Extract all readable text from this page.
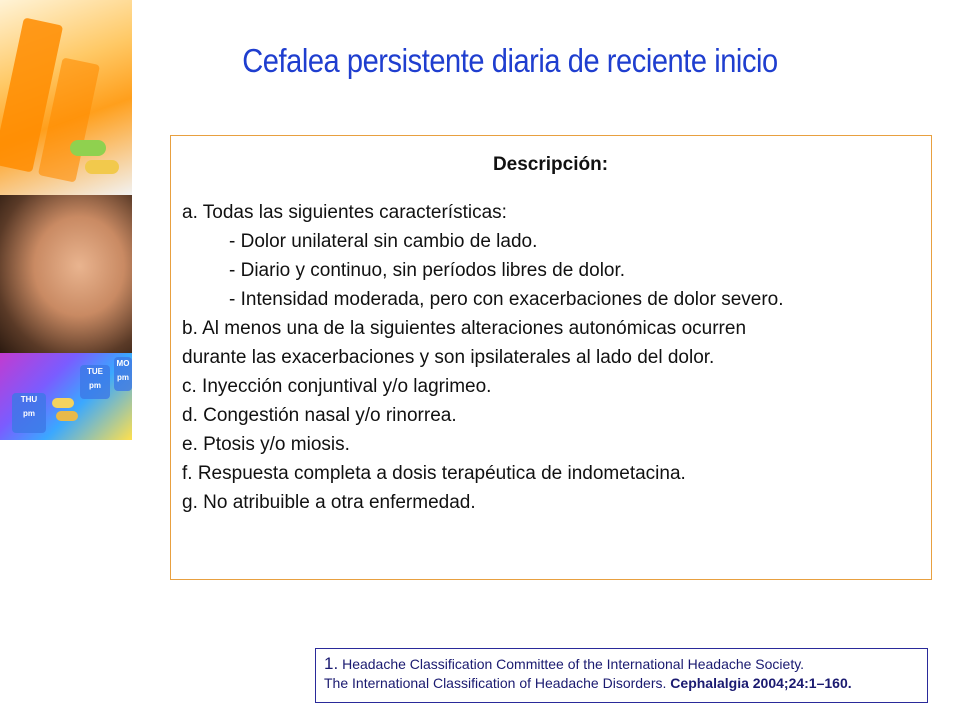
THU
pm
TUE
pm
MO
pm
Cefalea persistente diaria de reciente inicio
Descripción:
a. Todas las siguientes características:
- Dolor unilateral sin cambio de lado.
- Diario y continuo, sin períodos libres de dolor.
- Intensidad moderada, pero con exacerbaciones de dolor severo.
b. Al menos una de la siguientes alteraciones autonómicas ocurren
durante las exacerbaciones y son ipsilaterales al lado del dolor.
c. Inyección conjuntival y/o lagrimeo.
d. Congestión nasal y/o rinorrea.
e. Ptosis y/o miosis.
f. Respuesta completa a dosis terapéutica de indometacina.
g. No atribuible a otra enfermedad.
1. Headache Classification Committee of the International Headache Society.
The International Classification of Headache Disorders. Cephalalgia 2004;24:1–160.
